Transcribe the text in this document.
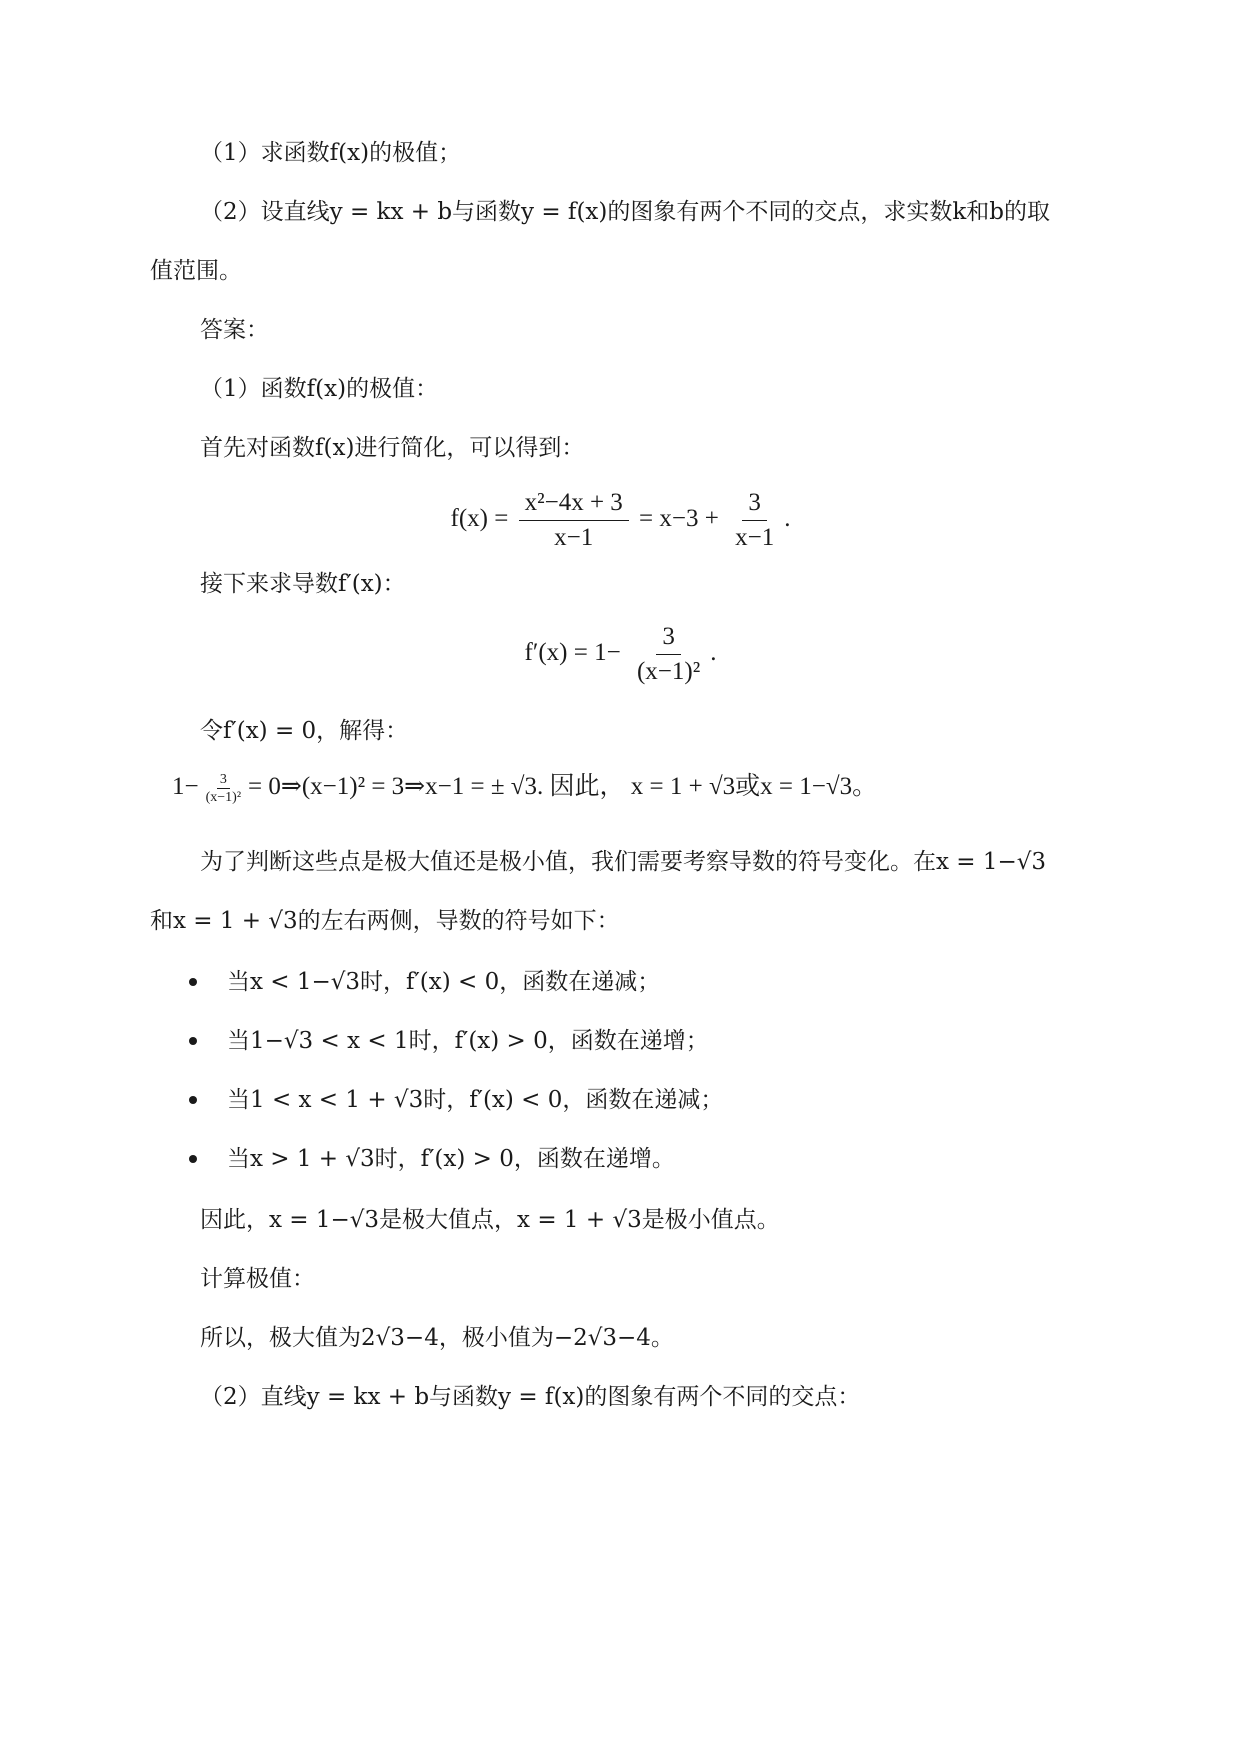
（1）求函数f(x)的极值；
（2）设直线y = kx + b与函数y = f(x)的图象有两个不同的交点，求实数k和b的取
值范围。
答案：
（1）函数f(x)的极值：
首先对函数f(x)进行简化，可以得到：
$f(x) = \frac{\text{x²−4x + 3}}{x-1} = x-3 + \frac{3}{x-1}$ .
接下来求导数f′(x)：
$f'(x) = 1- \frac{3}{\text{(x−1)²}}$ .
令f′(x) = 0，解得：
$1- \frac{3}{\text{(x−1)²}}$ = 0⇒(x−1)² = 3⇒x−1 = ± √3. 因此， x = 1 + √3或x = 1−√3。
为了判断这些点是极大值还是极小值，我们需要考察导数的符号变化。在x = 1−√3
和x = 1 + √3的左右两侧，导数的符号如下：
当x < 1−√3时，f′(x) < 0，函数在递减；
当1−√3 < x < 1时，f′(x) > 0，函数在递增；
当1 < x < 1 + √3时，f′(x) < 0，函数在递减；
当x > 1 + √3时，f′(x) > 0，函数在递增。
因此，x = 1−√3是极大值点，x = 1 + √3是极小值点。
计算极值：
所以，极大值为2√3−4，极小值为−2√3−4。
（2）直线y = kx + b与函数y = f(x)的图象有两个不同的交点：
